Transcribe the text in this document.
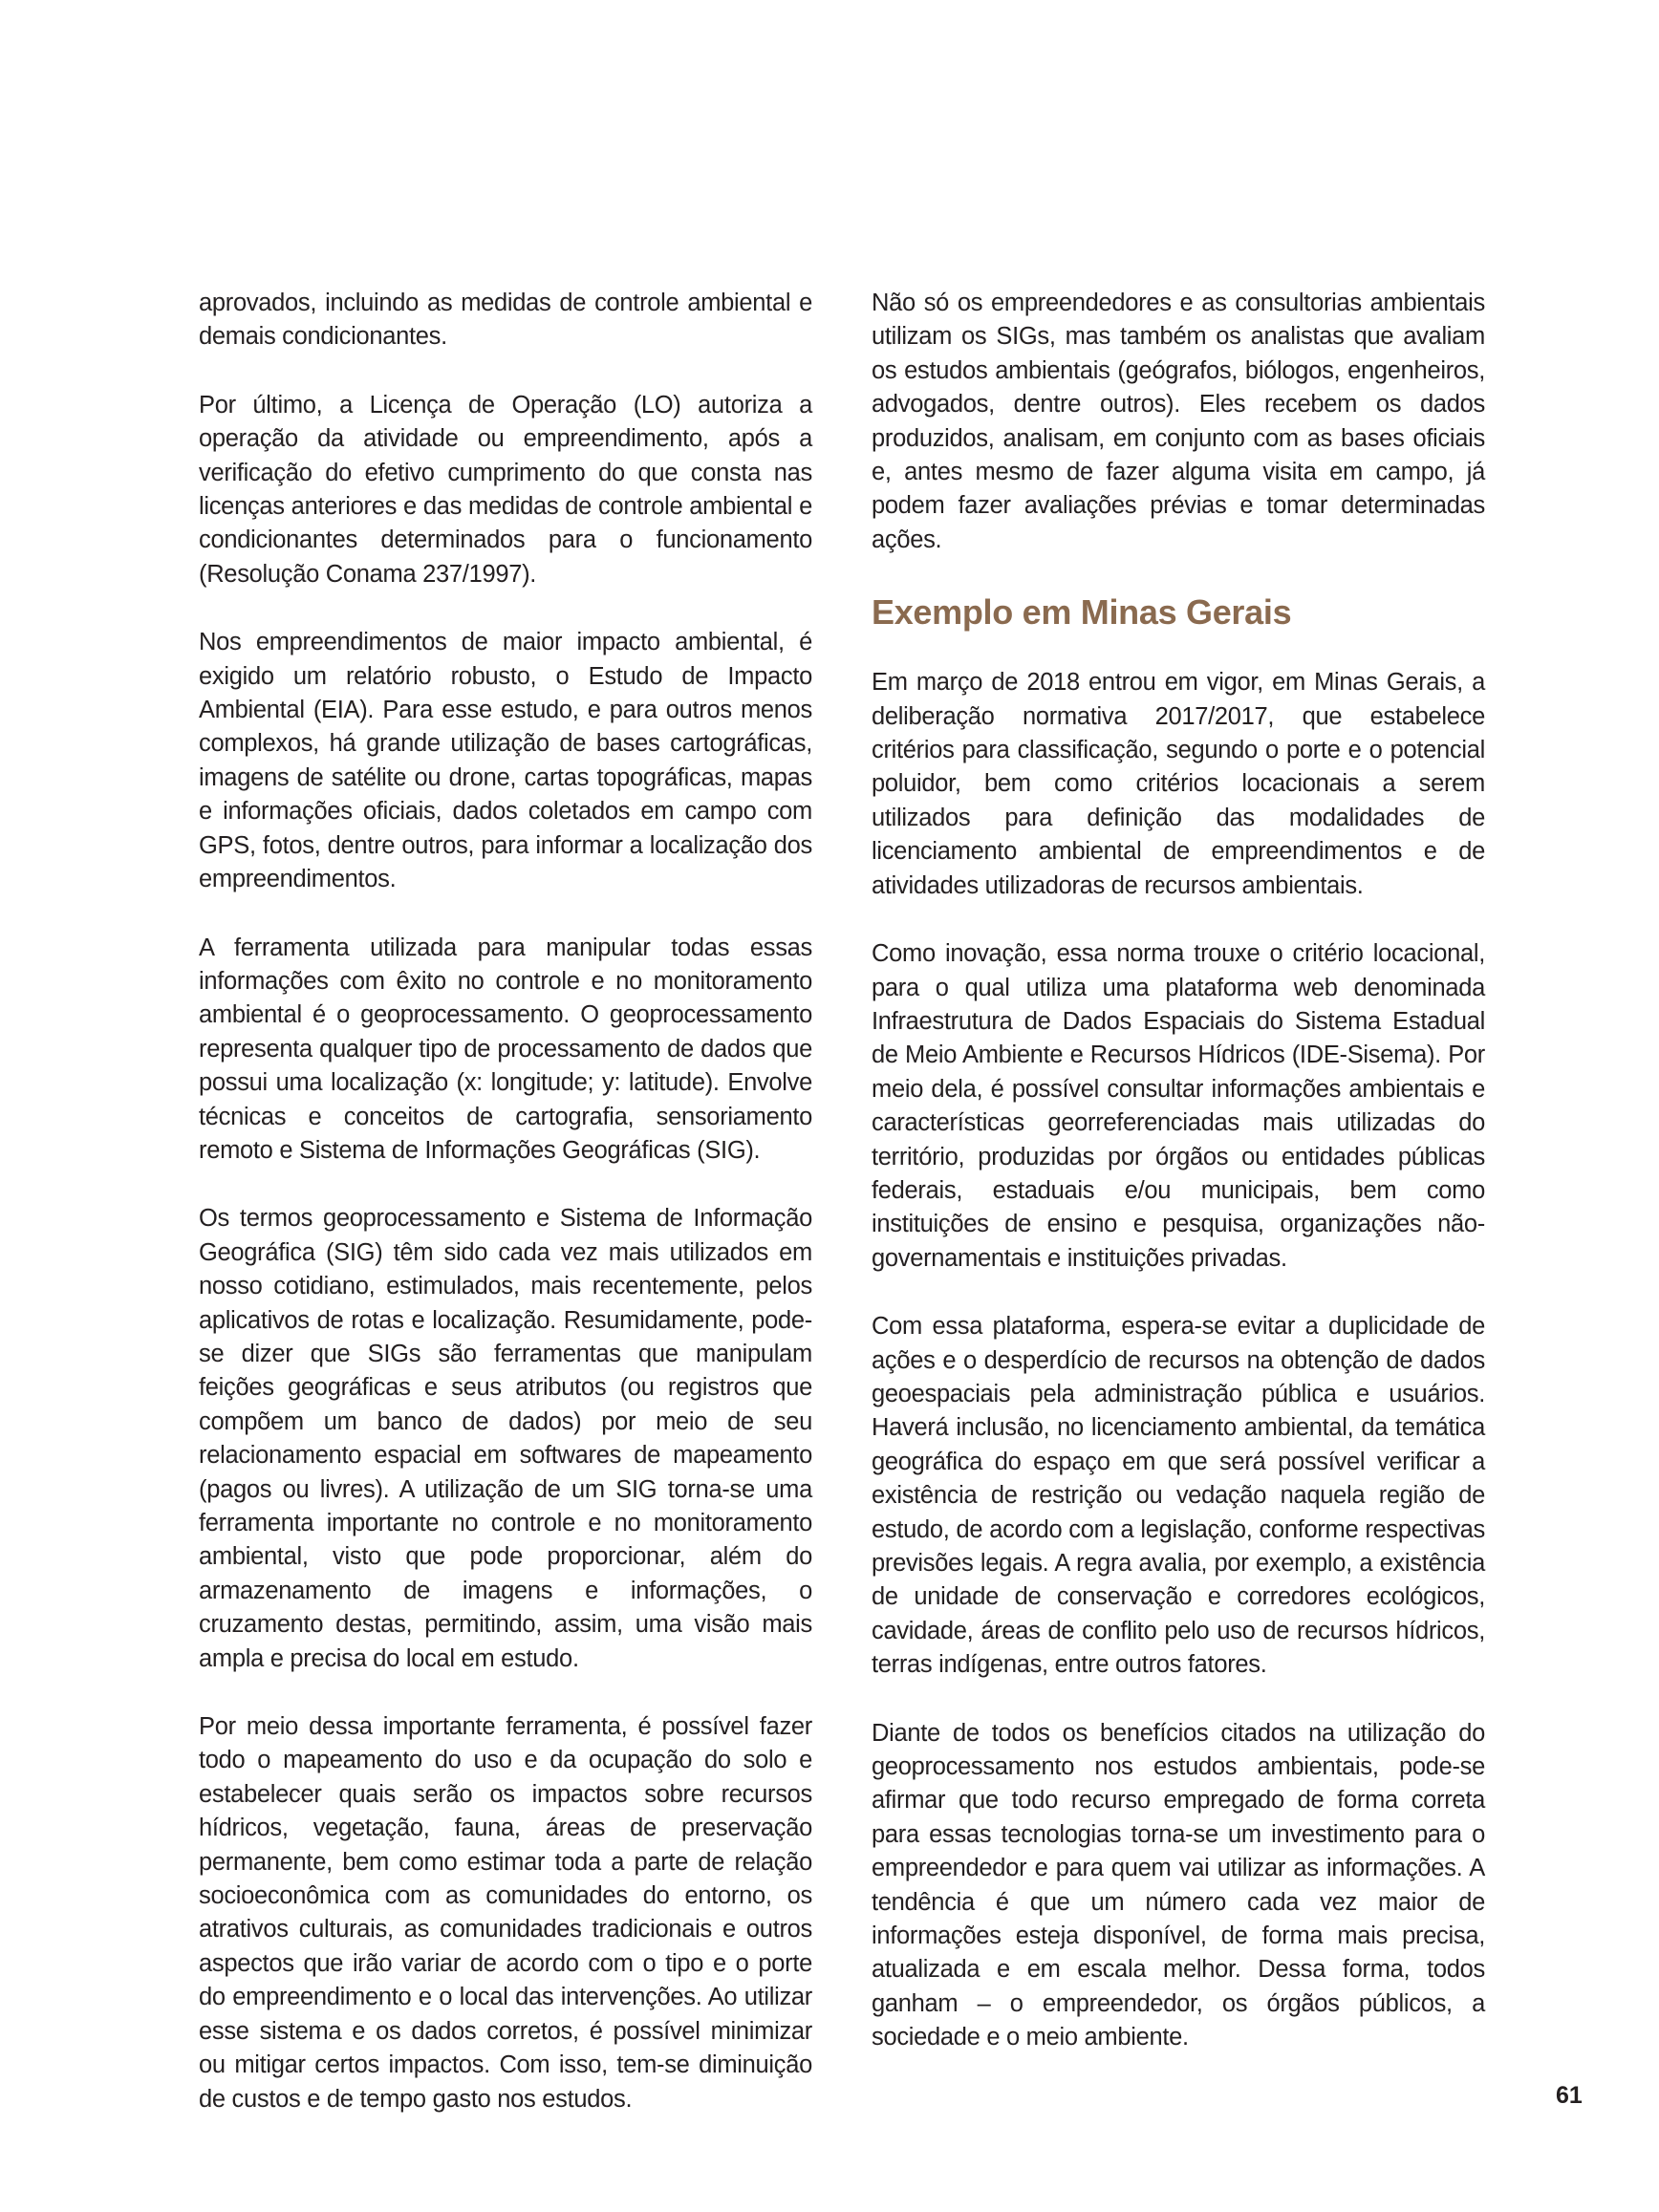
aprovados, incluindo as medidas de controle ambiental e demais condicionantes.

Por último, a Licença de Operação (LO) autoriza a operação da atividade ou empreendimento, após a verificação do efetivo cumprimento do que consta nas licenças anteriores e das medidas de controle ambiental e condicionantes determinados para o funcionamento (Resolução Conama 237/1997).

Nos empreendimentos de maior impacto ambiental, é exigido um relatório robusto, o Estudo de Impacto Ambiental (EIA). Para esse estudo, e para outros menos complexos, há grande utilização de bases cartográficas, imagens de satélite ou drone, cartas topográficas, mapas e informações oficiais, dados coletados em campo com GPS, fotos, dentre outros, para informar a localização dos empreendimentos.

A ferramenta utilizada para manipular todas essas informações com êxito no controle e no monitoramento ambiental é o geoprocessamento. O geoprocessamento representa qualquer tipo de processamento de dados que possui uma localização (x: longitude; y: latitude). Envolve técnicas e conceitos de cartografia, sensoriamento remoto e Sistema de Informações Geográficas (SIG).

Os termos geoprocessamento e Sistema de Informação Geográfica (SIG) têm sido cada vez mais utilizados em nosso cotidiano, estimulados, mais recentemente, pelos aplicativos de rotas e localização. Resumidamente, pode-se dizer que SIGs são ferramentas que manipulam feições geográficas e seus atributos (ou registros que compõem um banco de dados) por meio de seu relacionamento espacial em softwares de mapeamento (pagos ou livres). A utilização de um SIG torna-se uma ferramenta importante no controle e no monitoramento ambiental, visto que pode proporcionar, além do armazenamento de imagens e informações, o cruzamento destas, permitindo, assim, uma visão mais ampla e precisa do local em estudo.

Por meio dessa importante ferramenta, é possível fazer todo o mapeamento do uso e da ocupação do solo e estabelecer quais serão os impactos sobre recursos hídricos, vegetação, fauna, áreas de preservação permanente, bem como estimar toda a parte de relação socioeconômica com as comunidades do entorno, os atrativos culturais, as comunidades tradicionais e outros aspectos que irão variar de acordo com o tipo e o porte do empreendimento e o local das intervenções. Ao utilizar esse sistema e os dados corretos, é possível minimizar ou mitigar certos impactos. Com isso, tem-se diminuição de custos e de tempo gasto nos estudos.

Não só os empreendedores e as consultorias ambientais utilizam os SIGs, mas também os analistas que avaliam os estudos ambientais (geógrafos, biólogos, engenheiros, advogados, dentre outros). Eles recebem os dados produzidos, analisam, em conjunto com as bases oficiais e, antes mesmo de fazer alguma visita em campo, já podem fazer avaliações prévias e tomar determinadas ações.

Exemplo em Minas Gerais

Em março de 2018 entrou em vigor, em Minas Gerais, a deliberação normativa 2017/2017, que estabelece critérios para classificação, segundo o porte e o potencial poluidor, bem como critérios locacionais a serem utilizados para definição das modalidades de licenciamento ambiental de empreendimentos e de atividades utilizadoras de recursos ambientais.

Como inovação, essa norma trouxe o critério locacional, para o qual utiliza uma plataforma web denominada Infraestrutura de Dados Espaciais do Sistema Estadual de Meio Ambiente e Recursos Hídricos (IDE-Sisema). Por meio dela, é possível consultar informações ambientais e características georreferenciadas mais utilizadas do território, produzidas por órgãos ou entidades públicas federais, estaduais e/ou municipais, bem como instituições de ensino e pesquisa, organizações não-governamentais e instituições privadas.

Com essa plataforma, espera-se evitar a duplicidade de ações e o desperdício de recursos na obtenção de dados geoespaciais pela administração pública e usuários. Haverá inclusão, no licenciamento ambiental, da temática geográfica do espaço em que será possível verificar a existência de restrição ou vedação naquela região de estudo, de acordo com a legislação, conforme respectivas previsões legais. A regra avalia, por exemplo, a existência de unidade de conservação e corredores ecológicos, cavidade, áreas de conflito pelo uso de recursos hídricos, terras indígenas, entre outros fatores.

Diante de todos os benefícios citados na utilização do geoprocessamento nos estudos ambientais, pode-se afirmar que todo recurso empregado de forma correta para essas tecnologias torna-se um investimento para o empreendedor e para quem vai utilizar as informações. A tendência é que um número cada vez maior de informações esteja disponível, de forma mais precisa, atualizada e em escala melhor. Dessa forma, todos ganham – o empreendedor, os órgãos públicos, a sociedade e o meio ambiente.

61
